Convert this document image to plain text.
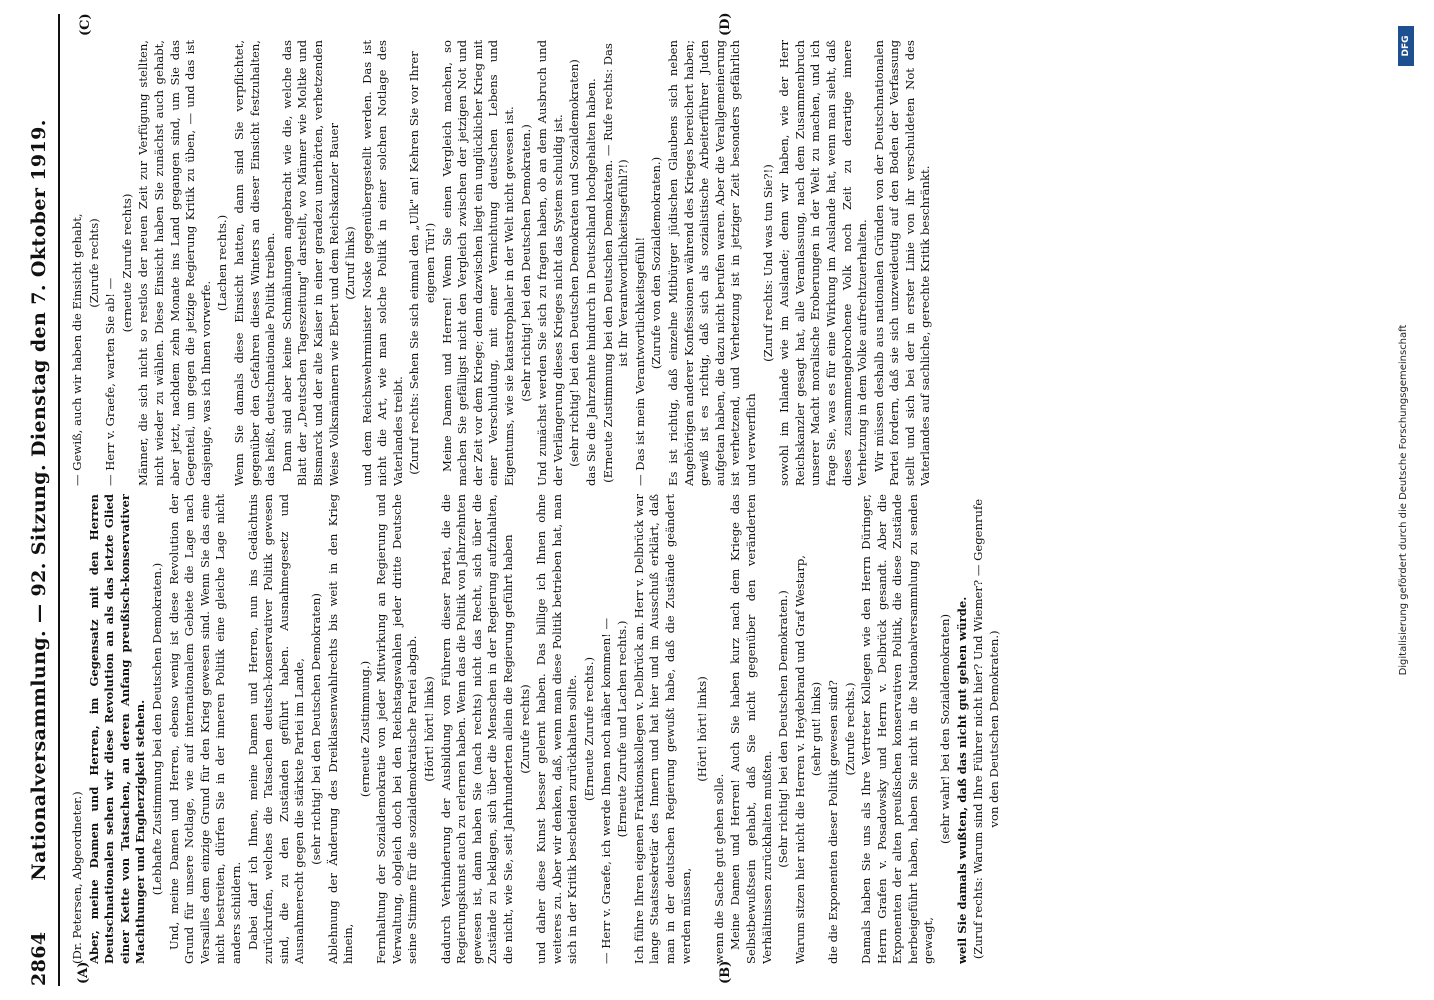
2864
Nationalversammlung. — 92. Sitzung. Dienstag den 7. Oktober 1919.
(A)	(B)
(C)	(D)

(Dr. Petersen, Abgeordneter.) Aber, meine Damen und Herren, im Gegensatz mit den Herren Deutschnationalen sehen wir diese Revolution an als das letzte Glied einer Kette von Tatsachen, an deren Anfang preußisch-konservativer Machthunger und Engherzigkeit stehen. (Lebhafte Zustimmung bei den Deutschen Demokraten.) Und, meine Damen und Herren, ebenso wenig ist diese Revolution der Grund für unsere Notlage, wie auf internationalem Gebiete die Lage nach Versailles dem einzige Grund für den Krieg gewesen sind. Wenn Sie das eine nicht bestreiten, dürfen Sie in der inneren Politik eine gleiche Lage nicht anders schildern. Dabei darf ich Ihnen, meine Damen und Herren, nun ins Gedächtnis zurückrufen, welches die Tatsachen deutsch-konservativer Politik gewesen sind, die zu den Zuständen geführt haben. Ausnahmegesetz und Ausnahmerecht gegen die stärkste Partei im Lande, (sehr richtig! bei den Deutschen Demokraten) Ablehnung der Änderung des Dreiklassenwahlrechts bis weit in den Krieg hinein,

(erneute Zustimmung.) Fernhaltung der Sozialdemokratie von jeder Mitwirkung an Regierung und Verwaltung, obgleich doch bei den Reichstagswahlen jeder dritte Deutsche seine Stimme für die sozialdemokratische Partei abgab. (Hört! hört! links) dadurch Verhinderung der Ausbildung von Führern dieser Partei, die die Regierungskunst auch zu erlernen haben. Wenn das die Politik von Jahrzehnten gewesen ist, dann haben Sie (nach rechts) nicht das Recht, sich über die Zustände zu beklagen, sich über die Menschen in der Regierung aufzuhalten, die nicht, wie Sie, seit Jahrhunderten allein die Regierung geführt haben (Zurufe rechts) und daher diese Kunst besser gelernt haben. Das billige ich Ihnen ohne weiteres zu. Aber wir denken, daß, wenn man diese Politik betrieben hat, man sich in der Kritik bescheiden zurückhalten sollte. (Erneute Zurufe rechts.) — Herr v. Graefe, ich werde Ihnen noch näher kommen! — (Erneute Zurufe und Lachen rechts.) Ich führe Ihren eigenen Fraktionskollegen v. Delbrück an. Herr v. Delbrück war lange Staatssekretär des Innern und hat hier und im Ausschuß erklärt, daß man in der deutschen Regierung gewußt habe, daß die Zustände geändert werden müssen,

(Hört! hört! links)

wenn die Sache gut gehen solle. Meine Damen und Herren! Auch Sie haben kurz nach dem Kriege das Selbstbewußtsein gehabt, daß Sie nicht gegenüber den veränderten Verhältnissen zurückhalten mußten. (Sehr richtig! bei den Deutschen Demokraten.) Warum sitzen hier nicht die Herren v. Heydebrand und Graf Westarp, (sehr gut! links) die die Exponenten dieser Politik gewesen sind? (Zurufe rechts.) Damals haben Sie uns als Ihre Vertreter Kollegen wie den Herrn Düringer, Herrn Grafen v. Posadowsky und Herrn v. Delbrück gesandt. Aber die Exponenten der alten preußischen konservativen Politik, die diese Zustände herbeigeführt haben, haben Sie nicht in die Nationalversammlung zu senden gewagt,

(sehr wahr! bei den Sozialdemokraten) weil Sie damals wußten, daß das nicht gut gehen würde. (Zuruf rechts: Warum sind Ihre Führer nicht hier? Und Wiemer? — Gegenrufe von den Deutschen Demokraten.)

— Gewiß, auch wir haben die Einsicht gehabt, (Zurufe rechts)

— Herr v. Graefe, warten Sie ab! —

(erneute Zurufe rechts) Männer, die sich nicht so restlos der neuen Zeit zur Verfügung stellten, nicht wieder zu wählen. Diese Einsicht haben Sie zunächst auch gehabt, aber jetzt, nachdem zehn Monate ins Land gegangen sind, um Sie das Gegenteil, um gegen die jetzige Regierung Kritik zu üben, — und das ist dasjenige, was ich Ihnen vorwerfe.

(Lachen rechts.) Wenn Sie damals diese Einsicht hatten, dann sind Sie verpflichtet, gegenüber den Gefahren dieses Winters an dieser Einsicht festzuhalten, das heißt, deutschnationale Politik treiben. Dann sind aber keine Schmähungen angebracht wie die, welche das Blatt der „Deutschen Tageszeitung" darstellt, wo Männer wie Moltke und Bismarck und der alte Kaiser in einer geradezu unerhörten, verhetzenden Weise Volksmännern wie Ebert und dem Reichskanzler Bauer (Zuruf links) und dem Reichswehrminister Noske gegenübergestellt werden. Das ist nicht die Art, wie man solche Politik in einer solchen Notlage des Vaterlandes treibt. (Zuruf rechts: Sehen Sie sich einmal den „Ulk" an! Kehren Sie vor Ihrer eigenen Tür!) Meine Damen und Herren! Wenn Sie einen Vergleich machen, so machen Sie gefälligst nicht den Vergleich zwischen der jetzigen Not und der Zeit vor dem Kriege; denn dazwischen liegt ein unglücklicher Krieg mit einer Verschuldung, mit einer Vernichtung deutschen Lebens und Eigentums, wie sie katastrophaler in der Welt nicht gewesen ist. (Sehr richtig! bei den Deutschen Demokraten.) Und zunächst werden Sie sich zu fragen haben, ob an dem Ausbruch und der Verlängerung dieses Krieges nicht das System schuldig ist. (sehr richtig! bei den Deutschen Demokraten und Sozialdemokraten) das Sie die Jahrzehnte hindurch in Deutschland hochgehalten haben. (Erneute Zustimmung bei den Deutschen Demokraten. — Rufe rechts: Das ist Ihr Verantwortlichkeitsgefühl?!) — Das ist mein Verantwortlichkeitsgefühl! (Zurufe von den Sozialdemokraten.) Es ist richtig, daß einzelne Mitbürger jüdischen Glaubens sich neben Angehörigen anderer Konfessionen während des Krieges bereichert haben; gewiß ist es richtig, daß sich als sozialistische Arbeiterführer Juden aufgetan haben, die dazu nicht berufen waren. Aber die Verallgemeinerung ist verhetzend, und Verhetzung ist in jetziger Zeit besonders gefährlich und verwerflich

(Zuruf rechts: Und was tun Sie?!) sowohl im Inlande wie im Auslande; denn wir haben, wie der Herr Reichskanzler gesagt hat, alle Veranlassung, nach dem Zusammenbruch unserer Macht moralische Eroberungen in der Welt zu machen, und ich frage Sie, was es für eine Wirkung im Auslande hat, wenn man sieht, daß dieses zusammengebrochene Volk noch Zeit zu derartige innere Verhetzung in dem Volke aufrechtzuerhalten. Wir müssen deshalb aus nationalen Gründen von der Deutschnationalen Partei fordern, daß sie sich unzweideutig auf den Boden der Verfassung stellt und sich bei der in erster Linie von ihr verschuldeten Not des Vaterlandes auf sachliche, gerechte Kritik beschränkt.	Digitalisierung gefördert durch die Deutsche Forschungsgemeinschaft
DFG
